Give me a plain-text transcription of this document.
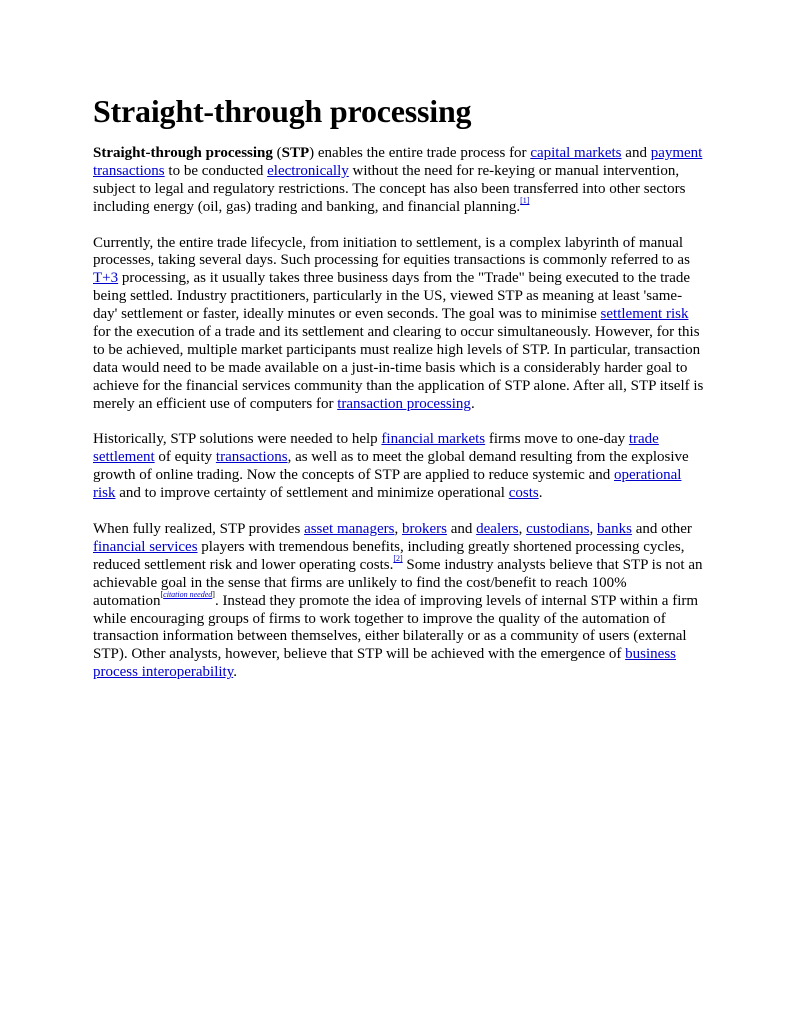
Straight-through processing

Straight-through processing (STP) enables the entire trade process for capital markets and payment transactions to be conducted electronically without the need for re-keying or manual intervention, subject to legal and regulatory restrictions. The concept has also been transferred into other sectors including energy (oil, gas) trading and banking, and financial planning.[1]

Currently, the entire trade lifecycle, from initiation to settlement, is a complex labyrinth of manual processes, taking several days. Such processing for equities transactions is commonly referred to as T+3 processing, as it usually takes three business days from the "Trade" being executed to the trade being settled. Industry practitioners, particularly in the US, viewed STP as meaning at least 'same-day' settlement or faster, ideally minutes or even seconds. The goal was to minimise settlement risk for the execution of a trade and its settlement and clearing to occur simultaneously. However, for this to be achieved, multiple market participants must realize high levels of STP. In particular, transaction data would need to be made available on a just-in-time basis which is a considerably harder goal to achieve for the financial services community than the application of STP alone. After all, STP itself is merely an efficient use of computers for transaction processing.

Historically, STP solutions were needed to help financial markets firms move to one-day trade settlement of equity transactions, as well as to meet the global demand resulting from the explosive growth of online trading. Now the concepts of STP are applied to reduce systemic and operational risk and to improve certainty of settlement and minimize operational costs.

When fully realized, STP provides asset managers, brokers and dealers, custodians, banks and other financial services players with tremendous benefits, including greatly shortened processing cycles, reduced settlement risk and lower operating costs.[2] Some industry analysts believe that STP is not an achievable goal in the sense that firms are unlikely to find the cost/benefit to reach 100% automation[citation needed]. Instead they promote the idea of improving levels of internal STP within a firm while encouraging groups of firms to work together to improve the quality of the automation of transaction information between themselves, either bilaterally or as a community of users (external STP). Other analysts, however, believe that STP will be achieved with the emergence of business process interoperability.
